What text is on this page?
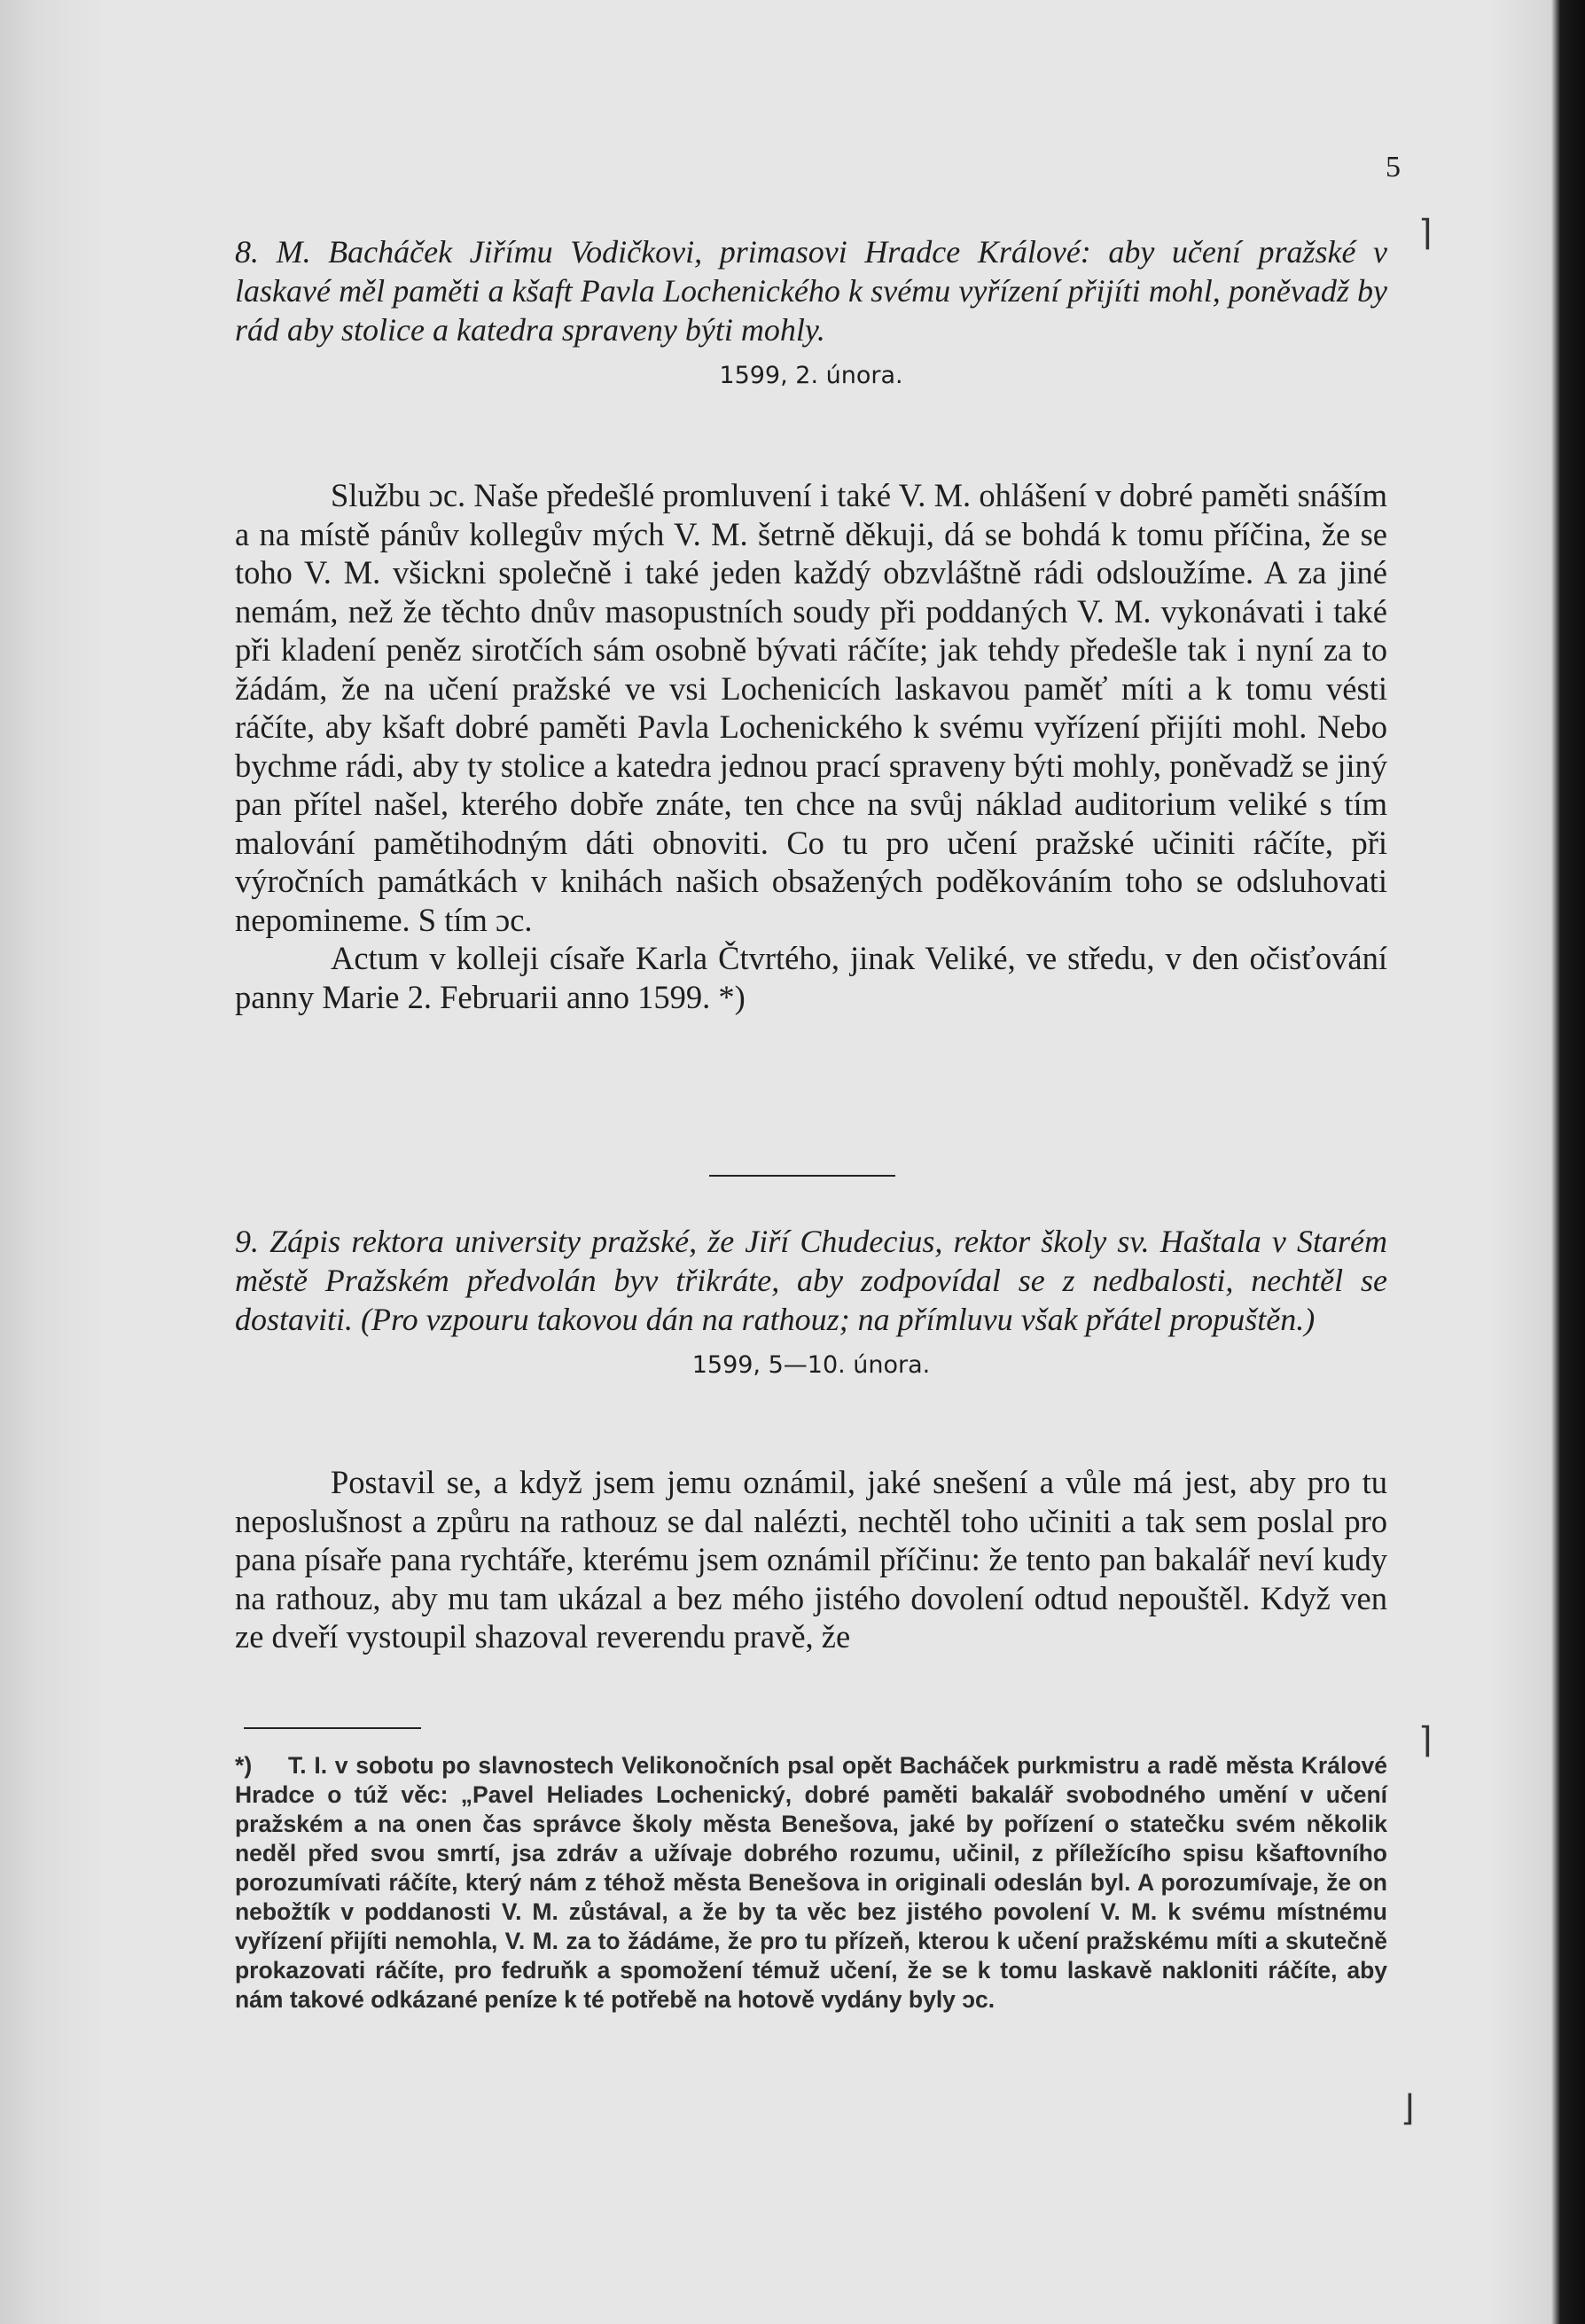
5
8. M. Bacháček Jiřímu Vodičkovi, primasovi Hradce Králové: aby učení pražské v laskavé měl paměti a kšaft Pavla Lochenického k svému vyřízení přijíti mohl, poněvadž by rád aby stolice a katedra spraveny býti mohly.
1599, 2. února.

Službu ɔc. Naše předešlé promluvení i také V. M. ohlášení v dobré paměti snáším a na místě pánův kollegův mých V. M. šetrně děkuji, dá se bohdá k tomu příčina, že se toho V. M. všickni společně i také jeden každý obzvláštně rádi odsloužíme. A za jiné nemám, než že těchto dnův masopustních soudy při poddaných V. M. vykonávati i také při kladení peněz sirotčích sám osobně bývati ráčíte; jak tehdy předešle tak i nyní za to žádám, že na učení pražské ve vsi Lochenicích laskavou paměť míti a k tomu vésti ráčíte, aby kšaft dobré paměti Pavla Lochenického k svému vyřízení přijíti mohl. Nebo bychme rádi, aby ty stolice a katedra jednou prací spraveny býti mohly, poněvadž se jiný pan přítel našel, kterého dobře znáte, ten chce na svůj náklad auditorium veliké s tím malování pamětihodným dáti obnoviti. Co tu pro učení pražské učiniti ráčíte, při výročních památkách v knihách našich obsažených poděkováním toho se odsluhovati nepomineme. S tím ɔc.

Actum v kolleji císaře Karla Čtvrtého, jinak Veliké, ve středu, v den očisťování panny Marie 2. Februarii anno 1599. *)

9. Zápis rektora university pražské, že Jiří Chudecius, rektor školy sv. Haštala v Starém městě Pražském předvolán byv třikráte, aby zodpovídal se z nedbalosti, nechtěl se dostaviti. (Pro vzpouru takovou dán na rathouz; na přímluvu však přátel propuštěn.)
1599, 5—10. února.

Postavil se, a když jsem jemu oznámil, jaké snešení a vůle má jest, aby pro tu neposlušnost a způru na rathouz se dal nalézti, nechtěl toho učiniti a tak sem poslal pro pana písaře pana rychtáře, kterému jsem oznámil příčinu: že tento pan bakalář neví kudy na rathouz, aby mu tam ukázal a bez mého jistého dovolení odtud nepouštěl. Když ven ze dveří vystoupil shazoval reverendu pravě, že

*) T. I. v sobotu po slavnostech Velikonočních psal opět Bacháček purkmistru a radě města Králové Hradce o túž věc: „Pavel Heliades Lochenický, dobré paměti bakalář svobodného umění v učení pražském a na onen čas správce školy města Benešova, jaké by pořízení o statečku svém několik neděl před svou smrtí, jsa zdráv a užívaje dobrého rozumu, učinil, z příležícího spisu kšaftovního porozumívati ráčíte, který nám z téhož města Benešova in originali odeslán byl. A porozumívaje, že on nebožtík v poddanosti V. M. zůstával, a že by ta věc bez jistého povolení V. M. k svému místnému vyřízení přijíti nemohla, V. M. za to žádáme, že pro tu přízeň, kterou k učení pražskému míti a skutečně prokazovati ráčíte, pro fedruňk a spomožení témuž učení, že se k tomu laskavě nakloniti ráčíte, aby nám takové odkázané peníze k té potřebě na hotově vydány byly ɔc.
⌉
⌉
⌋
